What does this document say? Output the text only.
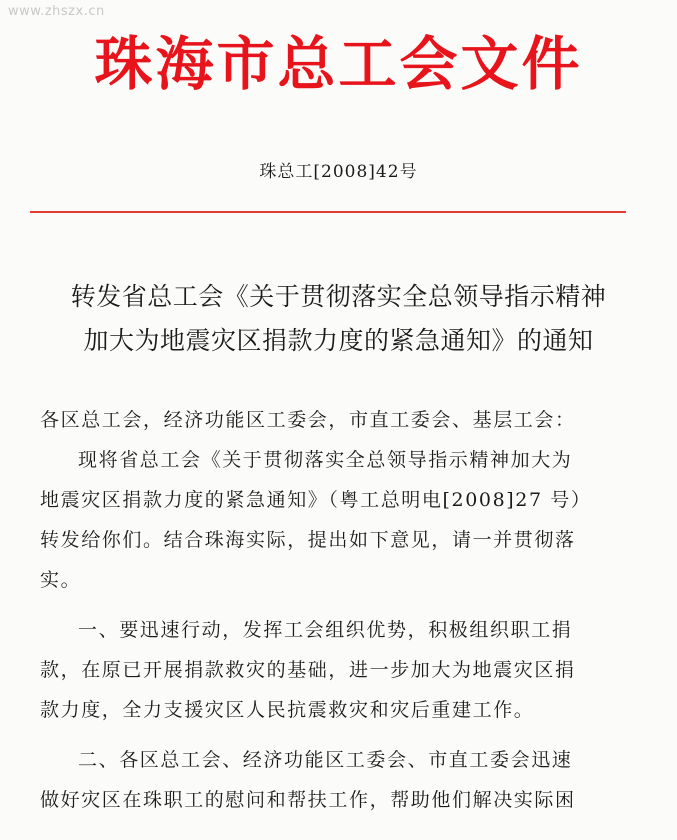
www.zhszx.cn
珠海市总工会文件
珠总工[2008]42号
转发省总工会《关于贯彻落实全总领导指示精神
加大为地震灾区捐款力度的紧急通知》的通知

各区总工会，经济功能区工委会，市直工委会、基层工会：

现将省总工会《关于贯彻落实全总领导指示精神加大为

地震灾区捐款力度的紧急通知》（粤工总明电[2008]27 号）

转发给你们。结合珠海实际，提出如下意见，请一并贯彻落

实。

一、要迅速行动，发挥工会组织优势，积极组织职工捐

款，在原已开展捐款救灾的基础，进一步加大为地震灾区捐

款力度，全力支援灾区人民抗震救灾和灾后重建工作。

二、各区总工会、经济功能区工委会、市直工委会迅速

做好灾区在珠职工的慰问和帮扶工作，帮助他们解决实际困
